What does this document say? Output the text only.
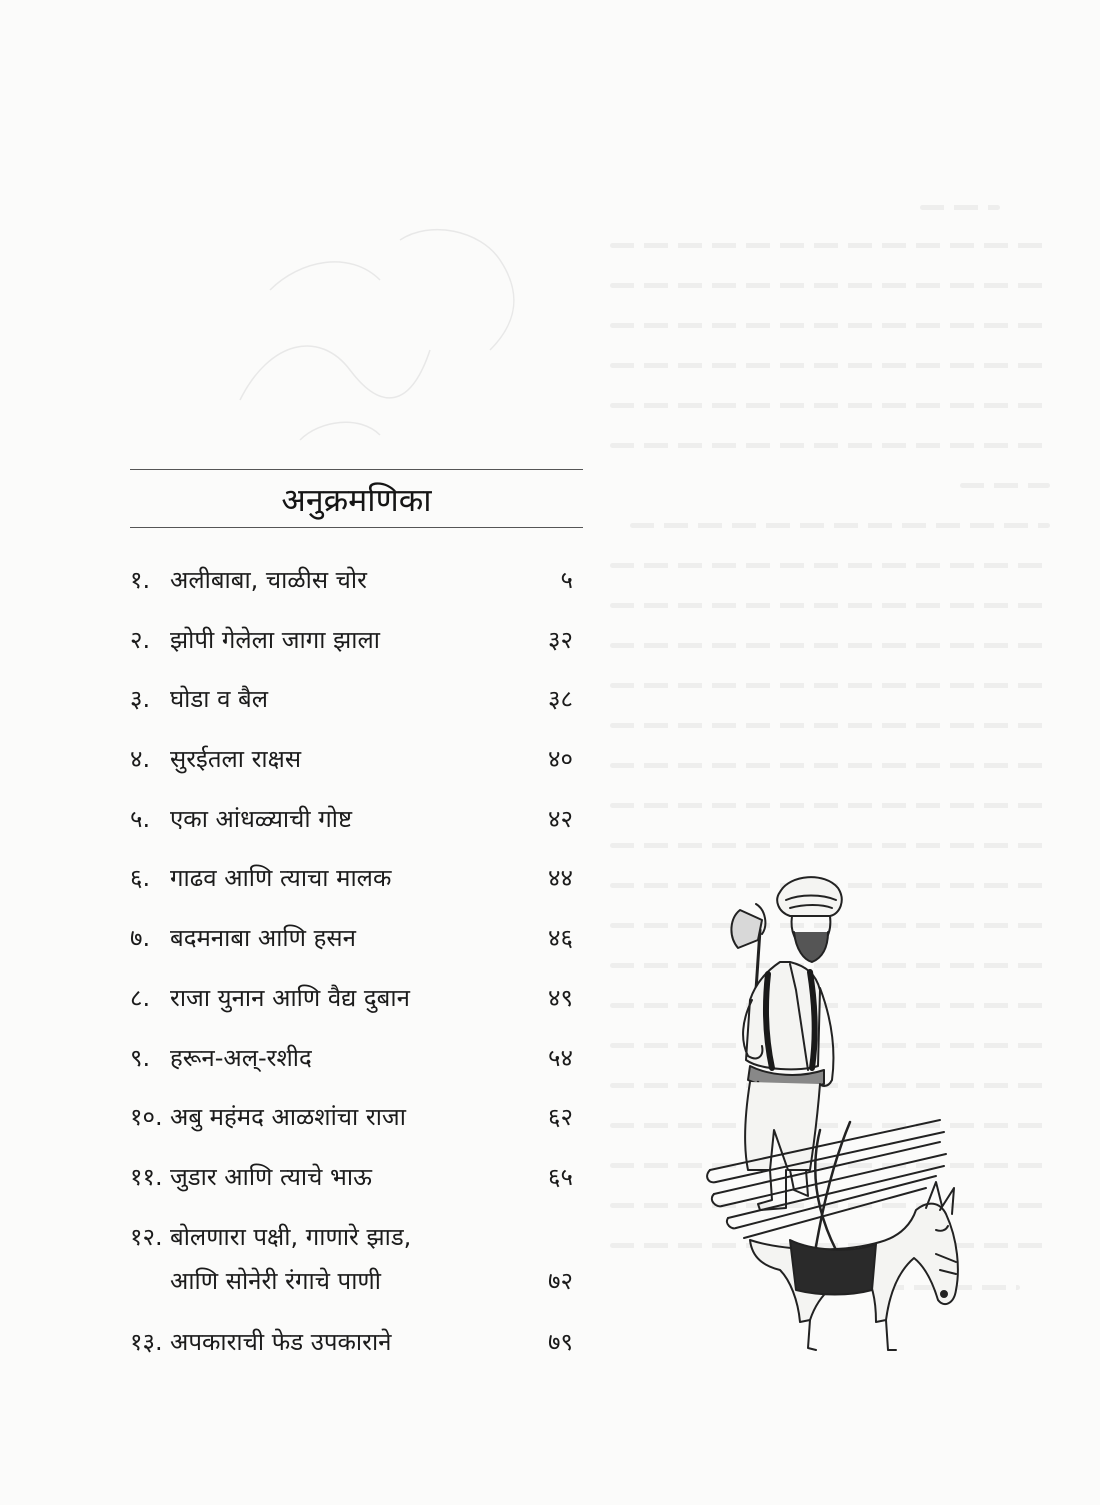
अनुक्रमणिका
१. अलीबाबा, चाळीस चोर	५
२. झोपी गेलेला जागा झाला	३२
३. घोडा व बैल	३८
४. सुरईतला राक्षस	४०
५. एका आंधळ्याची गोष्ट	४२
६. गाढव आणि त्याचा मालक	४४
७. बदमनाबा आणि हसन	४६
८. राजा युनान आणि वैद्य दुबान	४९
९. हरून-अल्-रशीद	५४
१०. अबु महंमद आळशांचा राजा	६२
११. जुडार आणि त्याचे भाऊ	६५
१२. बोलणारा पक्षी, गाणारे झाड,
आणि सोनेरी रंगाचे पाणी	७२
१३. अपकाराची फेड उपकाराने	७९
